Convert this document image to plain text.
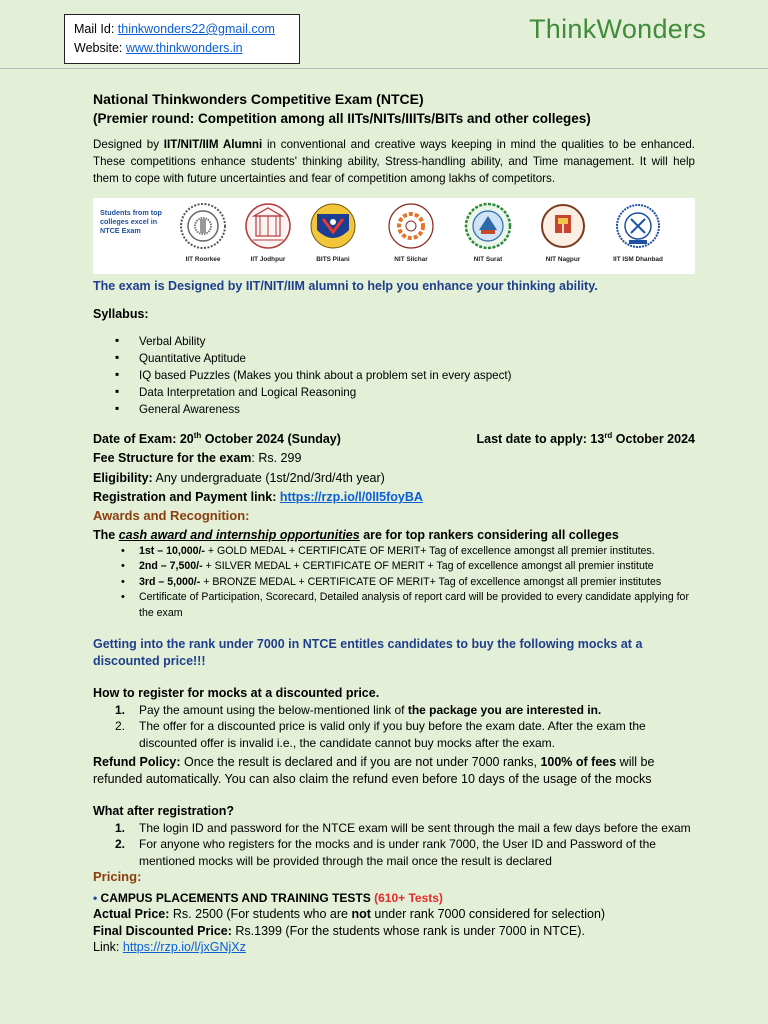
Mail Id: thinkwonders22@gmail.com
Website: www.thinkwonders.in
ThinkWonders
National Thinkwonders Competitive Exam (NTCE)
(Premier round: Competition among all IITs/NITs/IIITs/BITs and other colleges)

Designed by IIT/NIT/IIM Alumni in conventional and creative ways keeping in mind the qualities to be enhanced. These competitions enhance students' thinking ability, Stress-handling ability, and Time management. It will help them to cope with future uncertainties and fear of competition among lakhs of competitors.

Students from top colleges excel in NTCE Exam
IIT Roorkee	IIT Jodhpur	BITS Pilani	NIT Silchar	NIT Surat	NIT Nagpur	IIT ISM Dhanbad
The exam is Designed by IIT/NIT/IIM alumni to help you enhance your thinking ability.
Syllabus:
▪ Verbal Ability
▪ Quantitative Aptitude
▪ IQ based Puzzles (Makes you think about a problem set in every aspect)
▪ Data Interpretation and Logical Reasoning
▪ General Awareness
Date of Exam: 20th October 2024 (Sunday)	Last date to apply: 13rd October 2024
Fee Structure for the exam: Rs. 299
Eligibility: Any undergraduate (1st/2nd/3rd/4th year)
Registration and Payment link: https://rzp.io/l/0lI5foyBA
Awards and Recognition:
The cash award and internship opportunities are for top rankers considering all colleges
• 1st – 10,000/- + GOLD MEDAL + CERTIFICATE OF MERIT+ Tag of excellence amongst all premier institutes.
• 2nd – 7,500/- + SILVER MEDAL + CERTIFICATE OF MERIT + Tag of excellence amongst all premier institute
• 3rd – 5,000/- + BRONZE MEDAL + CERTIFICATE OF MERIT+ Tag of excellence amongst all premier institutes
• Certificate of Participation, Scorecard, Detailed analysis of report card will be provided to every candidate applying for the exam
Getting into the rank under 7000 in NTCE entitles candidates to buy the following mocks at a discounted price!!!
How to register for mocks at a discounted price.
1. Pay the amount using the below-mentioned link of the package you are interested in.
2. The offer for a discounted price is valid only if you buy before the exam date. After the exam the discounted offer is invalid i.e., the candidate cannot buy mocks after the exam.
Refund Policy: Once the result is declared and if you are not under 7000 ranks, 100% of fees will be refunded automatically. You can also claim the refund even before 10 days of the usage of the mocks
What after registration?
1. The login ID and password for the NTCE exam will be sent through the mail a few days before the exam
2. For anyone who registers for the mocks and is under rank 7000, the User ID and Password of the mentioned mocks will be provided through the mail once the result is declared
Pricing:
• CAMPUS PLACEMENTS AND TRAINING TESTS (610+ Tests)
Actual Price: Rs. 2500 (For students who are not under rank 7000 considered for selection)
Final Discounted Price: Rs.1399 (For the students whose rank is under 7000 in NTCE).
Link: https://rzp.io/l/jxGNjXz
